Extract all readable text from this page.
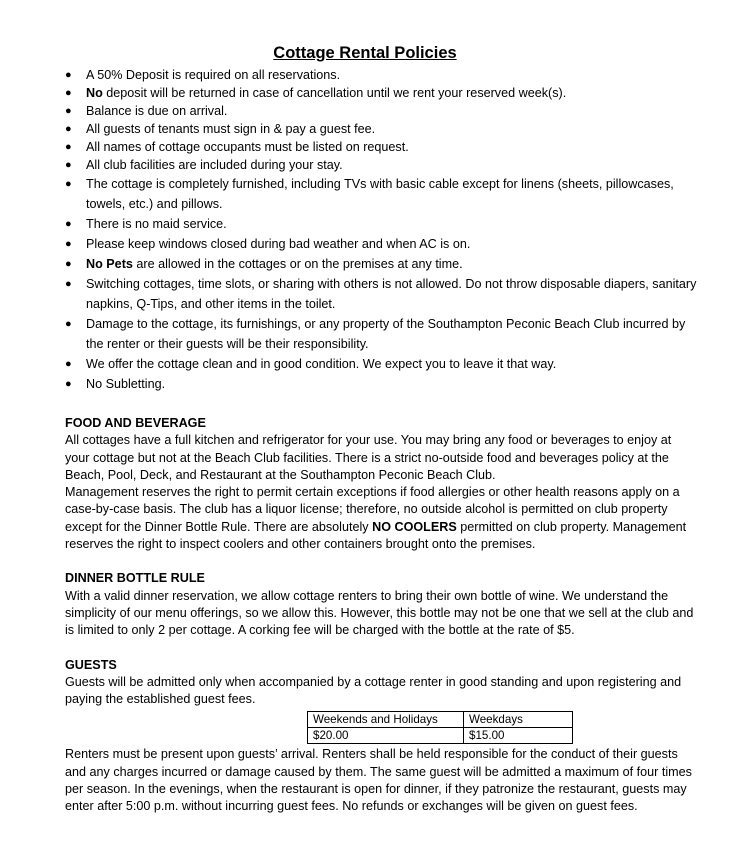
Cottage Rental Policies
● A 50% Deposit is required on all reservations.
● No deposit will be returned in case of cancellation until we rent your reserved week(s).
● Balance is due on arrival.
● All guests of tenants must sign in & pay a guest fee.
● All names of cottage occupants must be listed on request.
● All club facilities are included during your stay.
● The cottage is completely furnished, including TVs with basic cable except for linens (sheets, pillowcases, towels, etc.) and pillows.
● There is no maid service.
● Please keep windows closed during bad weather and when AC is on.
● No Pets are allowed in the cottages or on the premises at any time.
● Switching cottages, time slots, or sharing with others is not allowed. Do not throw disposable diapers, sanitary napkins, Q-Tips, and other items in the toilet.
● Damage to the cottage, its furnishings, or any property of the Southampton Peconic Beach Club incurred by the renter or their guests will be their responsibility.
● We offer the cottage clean and in good condition. We expect you to leave it that way.
● No Subletting.

FOOD AND BEVERAGE

All cottages have a full kitchen and refrigerator for your use. You may bring any food or beverages to enjoy at your cottage but not at the Beach Club facilities. There is a strict no-outside food and beverages policy at the Beach, Pool, Deck, and Restaurant at the Southampton Peconic Beach Club.

Management reserves the right to permit certain exceptions if food allergies or other health reasons apply on a case-by-case basis. The club has a liquor license; therefore, no outside alcohol is permitted on club property except for the Dinner Bottle Rule. There are absolutely NO COOLERS permitted on club property. Management reserves the right to inspect coolers and other containers brought onto the premises.

DINNER BOTTLE RULE

With a valid dinner reservation, we allow cottage renters to bring their own bottle of wine. We understand the simplicity of our menu offerings, so we allow this. However, this bottle may not be one that we sell at the club and is limited to only 2 per cottage. A corking fee will be charged with the bottle at the rate of $5.

GUESTS

Guests will be admitted only when accompanied by a cottage renter in good standing and upon registering and paying the established guest fees.

Weekends and Holidays	Weekdays
$20.00	$15.00

Renters must be present upon guests’ arrival. Renters shall be held responsible for the conduct of their guests and any charges incurred or damage caused by them. The same guest will be admitted a maximum of four times per season. In the evenings, when the restaurant is open for dinner, if they patronize the restaurant, guests may enter after 5:00 p.m. without incurring guest fees. No refunds or exchanges will be given on guest fees.
